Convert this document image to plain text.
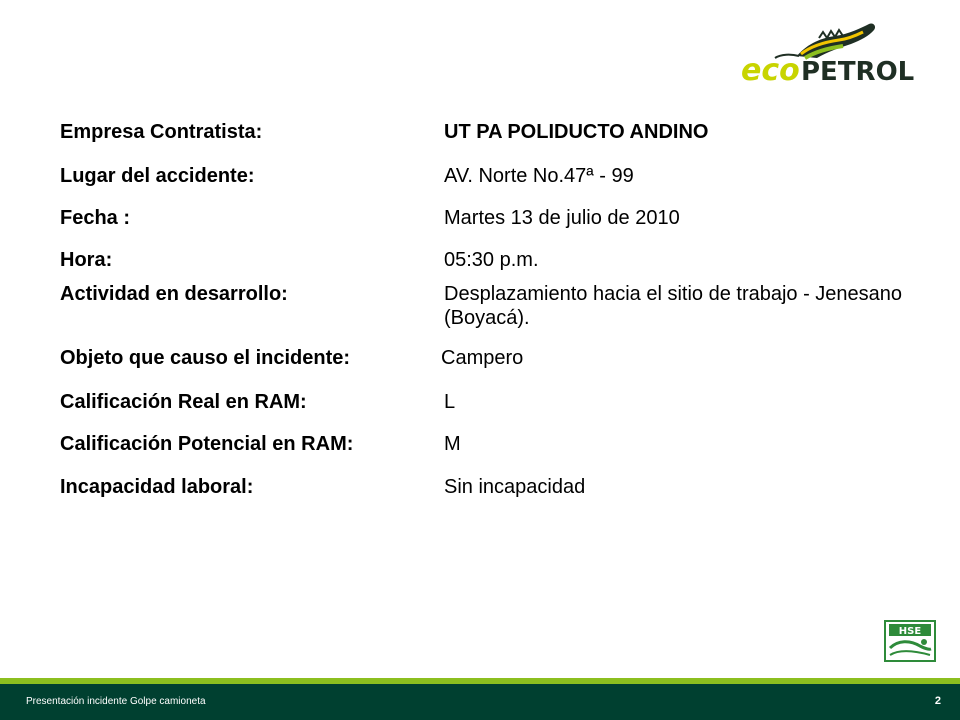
eco PETROL
Empresa Contratista:	UT PA POLIDUCTO ANDINO
Lugar del accidente:	AV. Norte No.47ª - 99
Fecha :	Martes 13 de julio de 2010
Hora:	05:30 p.m.
Actividad en desarrollo:	Desplazamiento hacia el sitio de trabajo - Jenesano (Boyacá).
Objeto que causo el incidente:	Campero
Calificación Real en RAM:	L
Calificación Potencial en RAM:	M
Incapacidad laboral:	Sin incapacidad
HSE
Presentación incidente Golpe camioneta	2
